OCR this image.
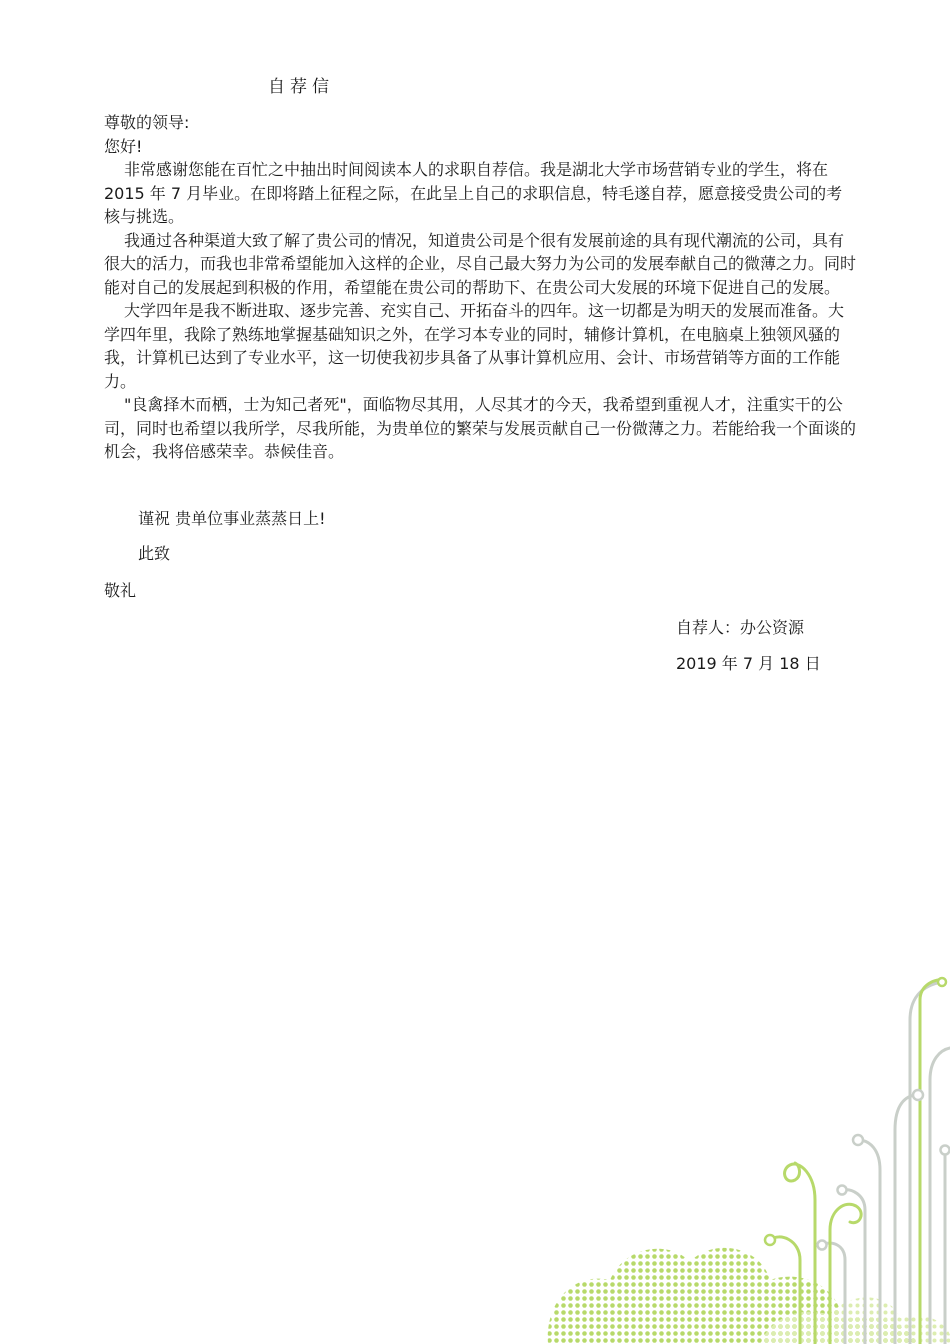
自荐信

尊敬的领导:

您好!

非常感谢您能在百忙之中抽出时间阅读本人的求职自荐信。我是湖北大学市场营销专业的学生，将在 2015 年 7 月毕业。在即将踏上征程之际，在此呈上自己的求职信息，特毛遂自荐，愿意接受贵公司的考核与挑选。

我通过各种渠道大致了解了贵公司的情况，知道贵公司是个很有发展前途的具有现代潮流的公司，具有很大的活力，而我也非常希望能加入这样的企业，尽自己最大努力为公司的发展奉献自己的微薄之力。同时能对自己的发展起到积极的作用，希望能在贵公司的帮助下、在贵公司大发展的环境下促进自己的发展。

大学四年是我不断进取、逐步完善、充实自己、开拓奋斗的四年。这一切都是为明天的发展而准备。大学四年里，我除了熟练地掌握基础知识之外，在学习本专业的同时，辅修计算机，在电脑桌上独领风骚的我，计算机已达到了专业水平，这一切使我初步具备了从事计算机应用、会计、市场营销等方面的工作能力。

"良禽择木而栖，士为知己者死"，面临物尽其用，人尽其才的今天，我希望到重视人才，注重实干的公司，同时也希望以我所学，尽我所能，为贵单位的繁荣与发展贡献自己一份微薄之力。若能给我一个面谈的机会，我将倍感荣幸。恭候佳音。

谨祝 贵单位事业蒸蒸日上!
此致
敬礼
自荐人：办公资源
2019 年 7 月 18 日
